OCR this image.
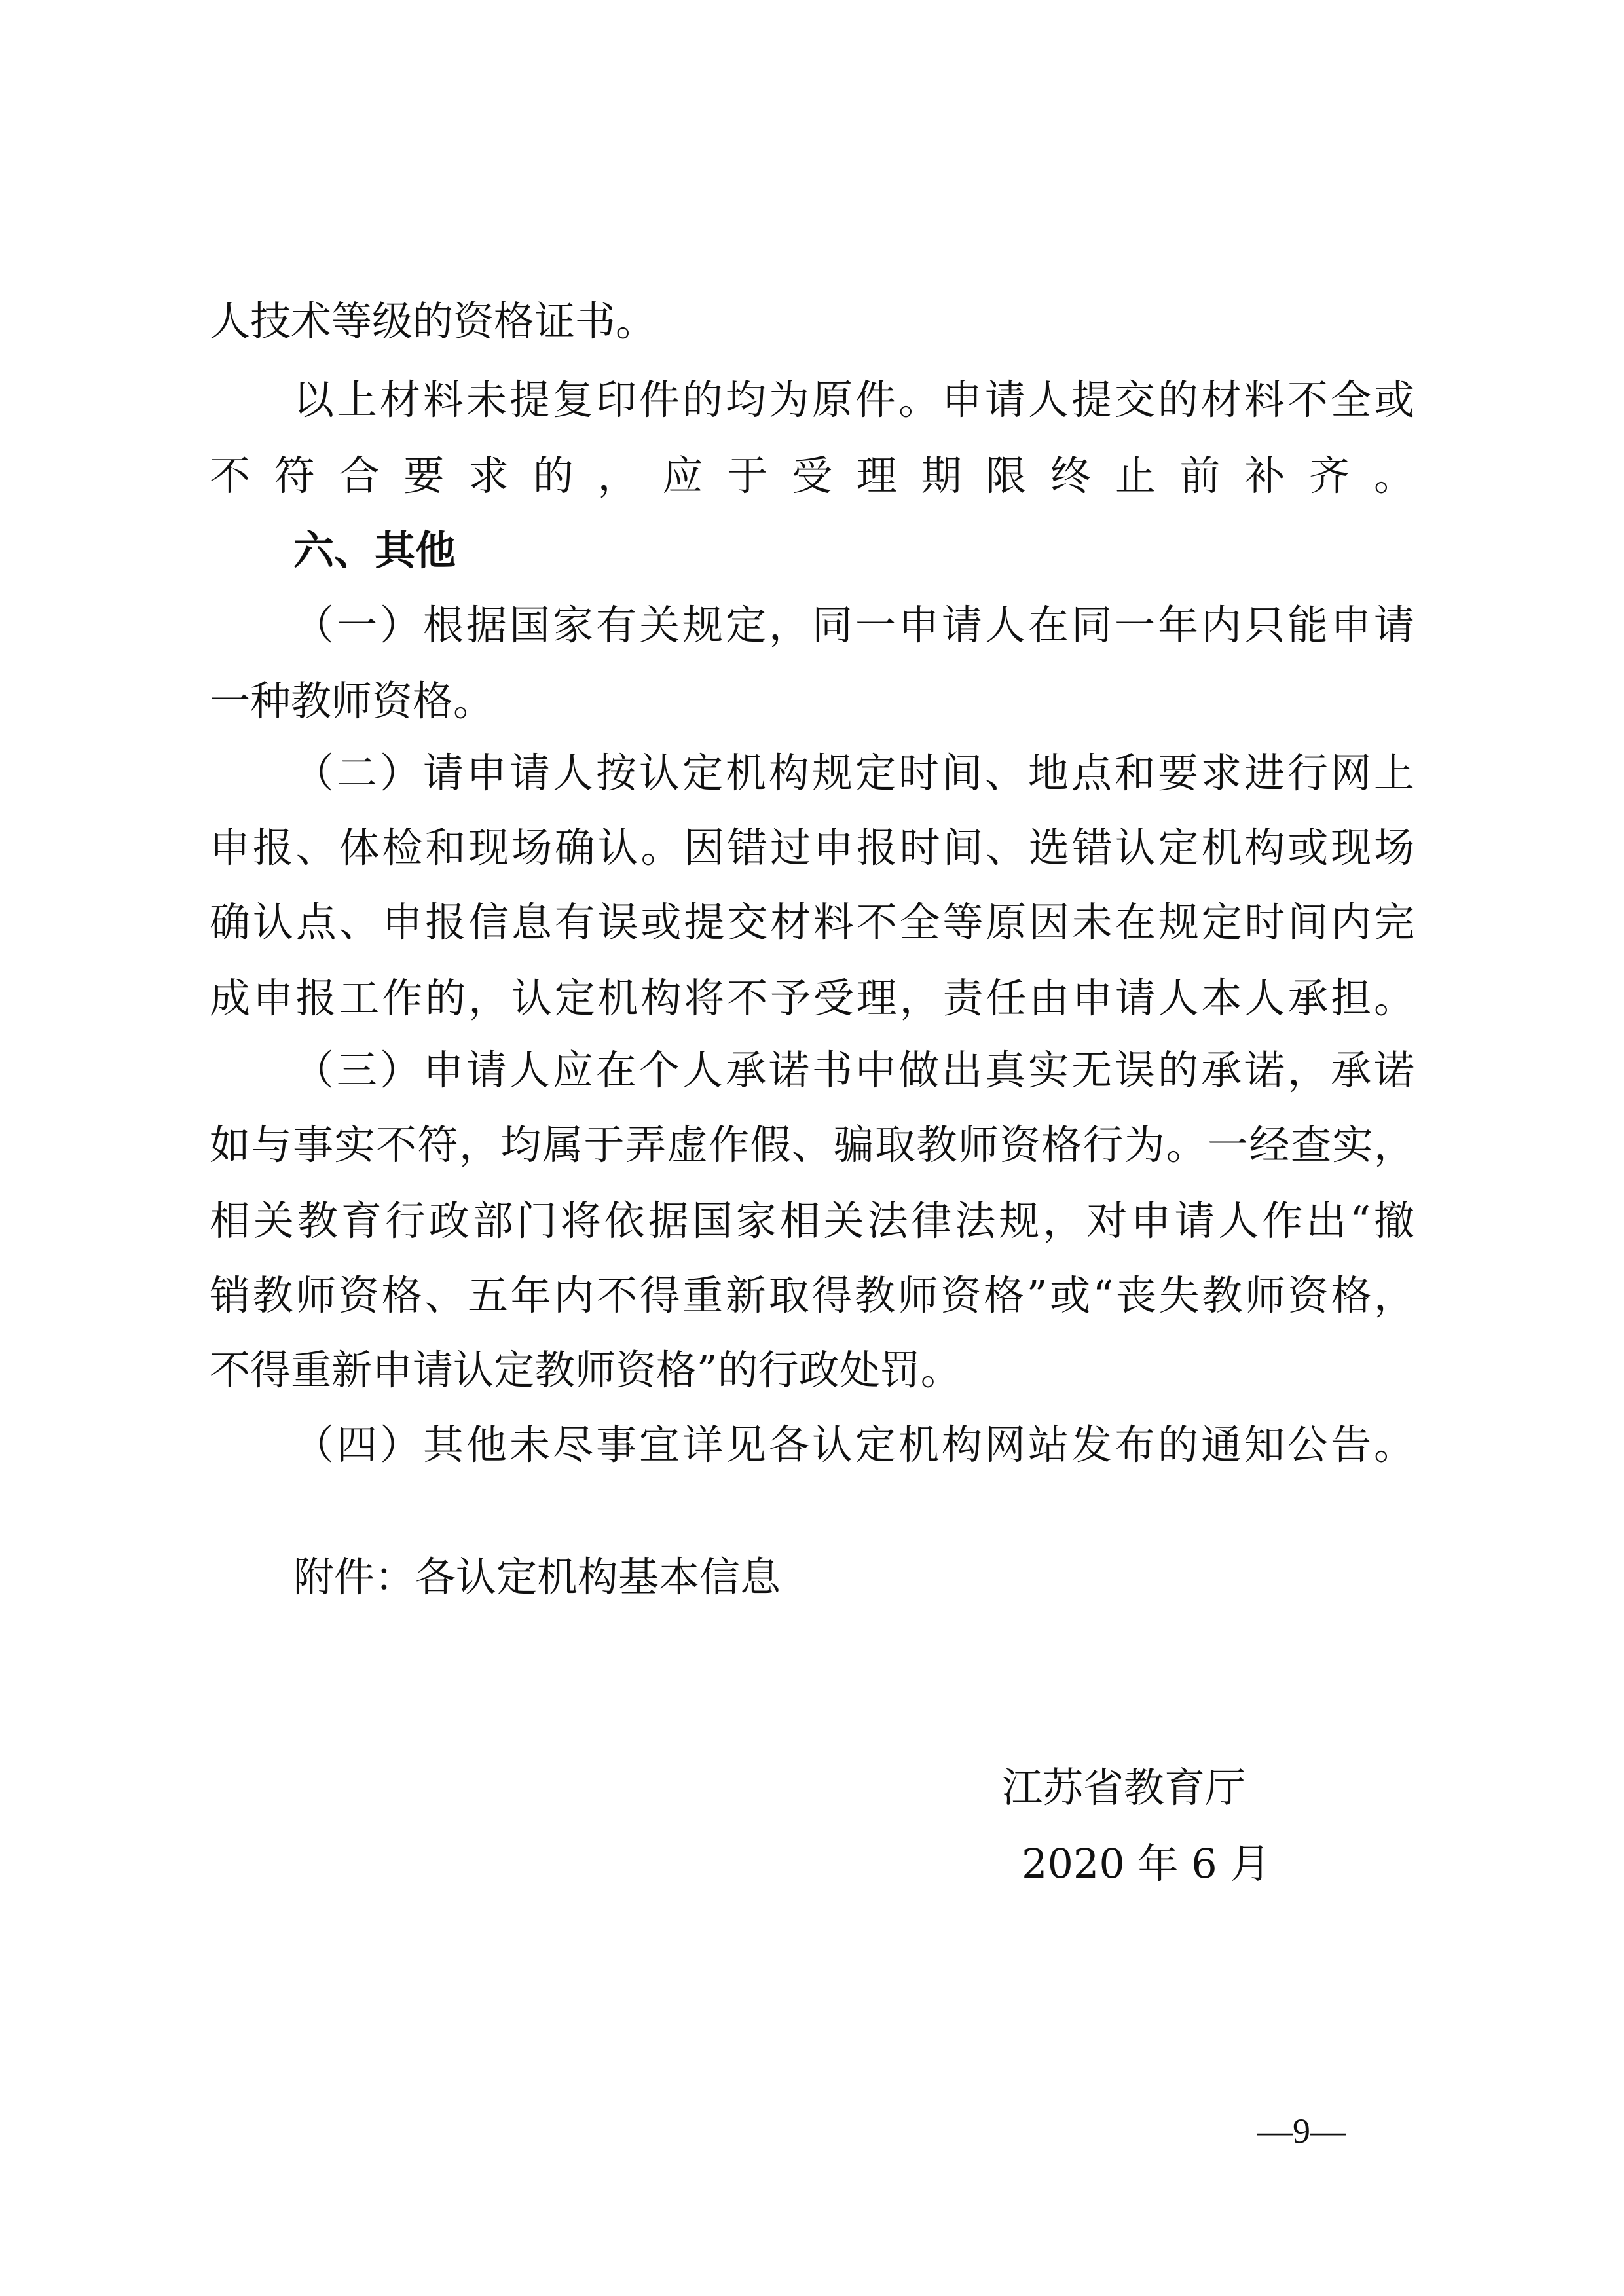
人技术等级的资格证书。
以上材料未提复印件的均为原件。申请人提交的材料不全或
不符合要求的，应于受理期限终止前补齐。
六、其他
（一）根据国家有关规定，同一申请人在同一年内只能申请
一种教师资格。
（二）请申请人按认定机构规定时间、地点和要求进行网上
申报、体检和现场确认。因错过申报时间、选错认定机构或现场
确认点、申报信息有误或提交材料不全等原因未在规定时间内完
成申报工作的，认定机构将不予受理，责任由申请人本人承担。
（三）申请人应在个人承诺书中做出真实无误的承诺，承诺
如与事实不符，均属于弄虚作假、骗取教师资格行为。一经查实，
相关教育行政部门将依据国家相关法律法规，对申请人作出“撤
销教师资格、五年内不得重新取得教师资格”或“丧失教师资格，
不得重新申请认定教师资格”的行政处罚。
（四）其他未尽事宜详见各认定机构网站发布的通知公告。
附件：各认定机构基本信息
江苏省教育厅
2020 年 6 月
—9—
